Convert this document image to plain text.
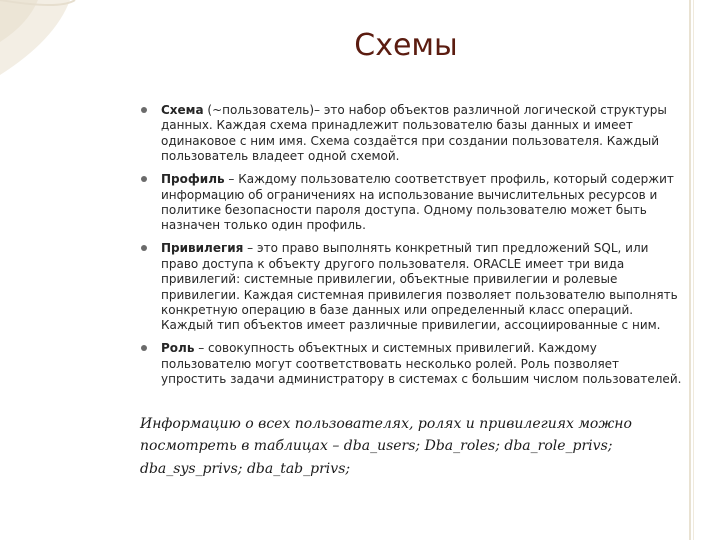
Схемы
Схема (~пользователь)– это набор объектов различной логической структуры данных. Каждая схема принадлежит пользователю базы данных и имеет одинаковое с ним имя. Схема создаётся при создании пользователя. Каждый пользователь владеет одной схемой.
Профиль – Каждому пользователю соответствует профиль, который содержит информацию об ограничениях на использование вычислительных ресурсов и политике безопасности пароля доступа. Одному пользователю может быть назначен только один профиль.
Привилегия – это право выполнять конкретный тип предложений SQL, или право доступа к объекту другого пользователя. ORACLE имеет три вида привилегий: системные привилегии, объектные привилегии и ролевые привилегии. Каждая системная привилегия позволяет пользователю выполнять конкретную операцию в базе данных или определенный класс операций. Каждый тип объектов имеет различные привилегии, ассоциированные с ним.
Роль – совокупность объектных и системных привилегий. Каждому пользователю могут соответствовать несколько ролей. Роль позволяет упростить задачи администратору в системах с большим числом пользователей.
Информацию о всех пользователях, ролях и привилегиях можно посмотреть в таблицах – dba_users; Dba_roles; dba_role_privs; dba_sys_privs; dba_tab_privs;
